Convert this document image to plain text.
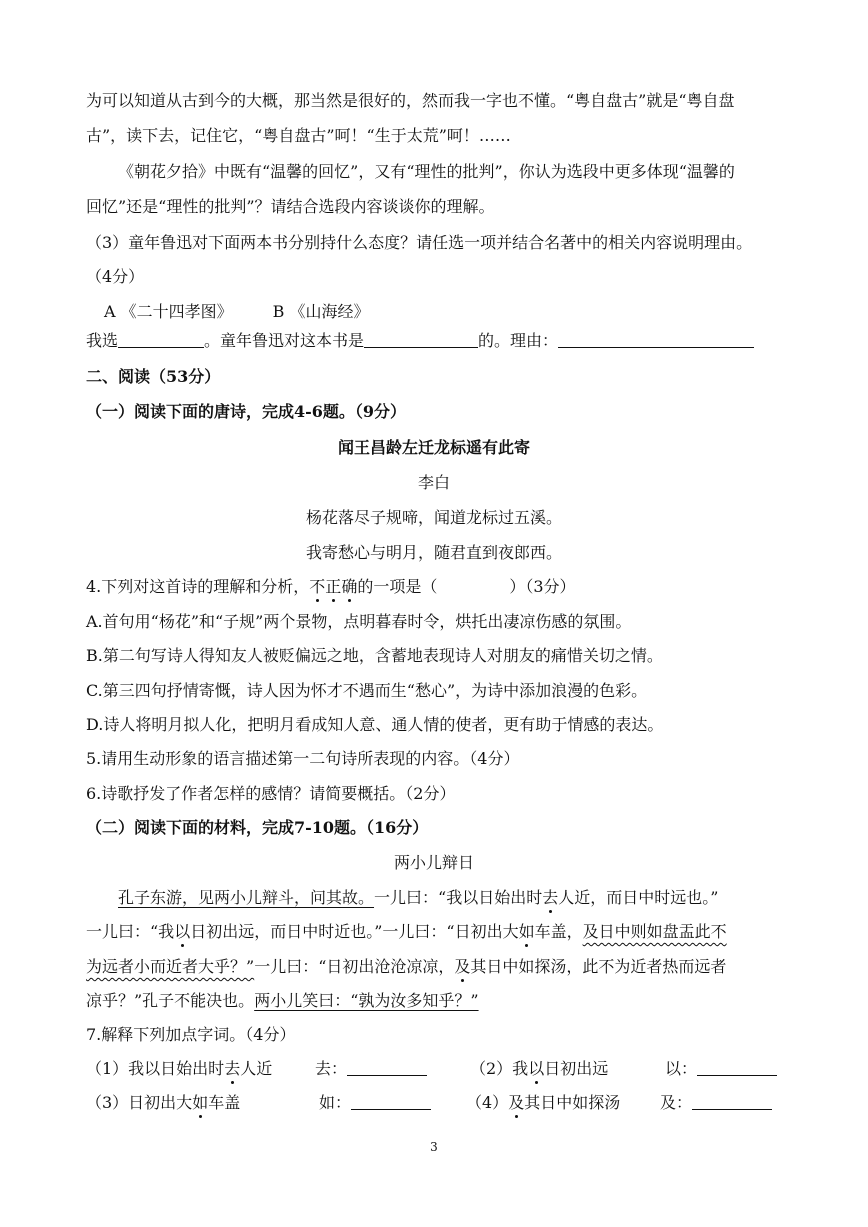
为可以知道从古到今的大概，那当然是很好的，然而我一字也不懂。“粤自盘古”就是“粤自盘
古”，读下去，记住它，“粤自盘古”呵！“生于太荒”呵！……
《朝花夕拾》中既有“温馨的回忆”，又有“理性的批判”，你认为选段中更多体现“温馨的
回忆”还是“理性的批判”？请结合选段内容谈谈你的理解。
（3）童年鲁迅对下面两本书分别持什么态度？请任选一项并结合名著中的相关内容说明理由。
（4分）
A 《二十四孝图》	B 《山海经》
我选	。童年鲁迅对这本书是	的。理由：
二、阅读（53分）
（一）阅读下面的唐诗，完成4-6题。（9分）
闻王昌龄左迁龙标遥有此寄
李白
杨花落尽子规啼，闻道龙标过五溪。
我寄愁心与明月，随君直到夜郎西。
4.下列对这首诗的理解和分析，不正确的一项是（	）（3分）
A.首句用“杨花”和“子规”两个景物，点明暮春时令，烘托出凄凉伤感的氛围。
B.第二句写诗人得知友人被贬偏远之地，含蓄地表现诗人对朋友的痛惜关切之情。
C.第三四句抒情寄慨，诗人因为怀才不遇而生“愁心”，为诗中添加浪漫的色彩。
D.诗人将明月拟人化，把明月看成知人意、通人情的使者，更有助于情感的表达。
5.请用生动形象的语言描述第一二句诗所表现的内容。（4分）
6.诗歌抒发了作者怎样的感情？请简要概括。（2分）
（二）阅读下面的材料，完成7-10题。（16分）
两小儿辩日
孔子东游，见两小儿辩斗，问其故。一儿曰：“我以日始出时去人近，而日中时远也。”
一儿曰：“我以日初出远，而日中时近也。”一儿曰：“日初出大如车盖，及日中则如盘盂此不
为远者小而近者大乎？”一儿曰：“日初出沧沧凉凉，及其日中如探汤，此不为近者热而远者
凉乎？”孔子不能决也。两小儿笑曰：“孰为汝多知乎？”
7.解释下列加点字词。（4分）
（1）我以日始出时去人近	去：	（2）我以日初出远	以：
（3）日初出大如车盖	如：	（4）及其日中如探汤 及：
3
